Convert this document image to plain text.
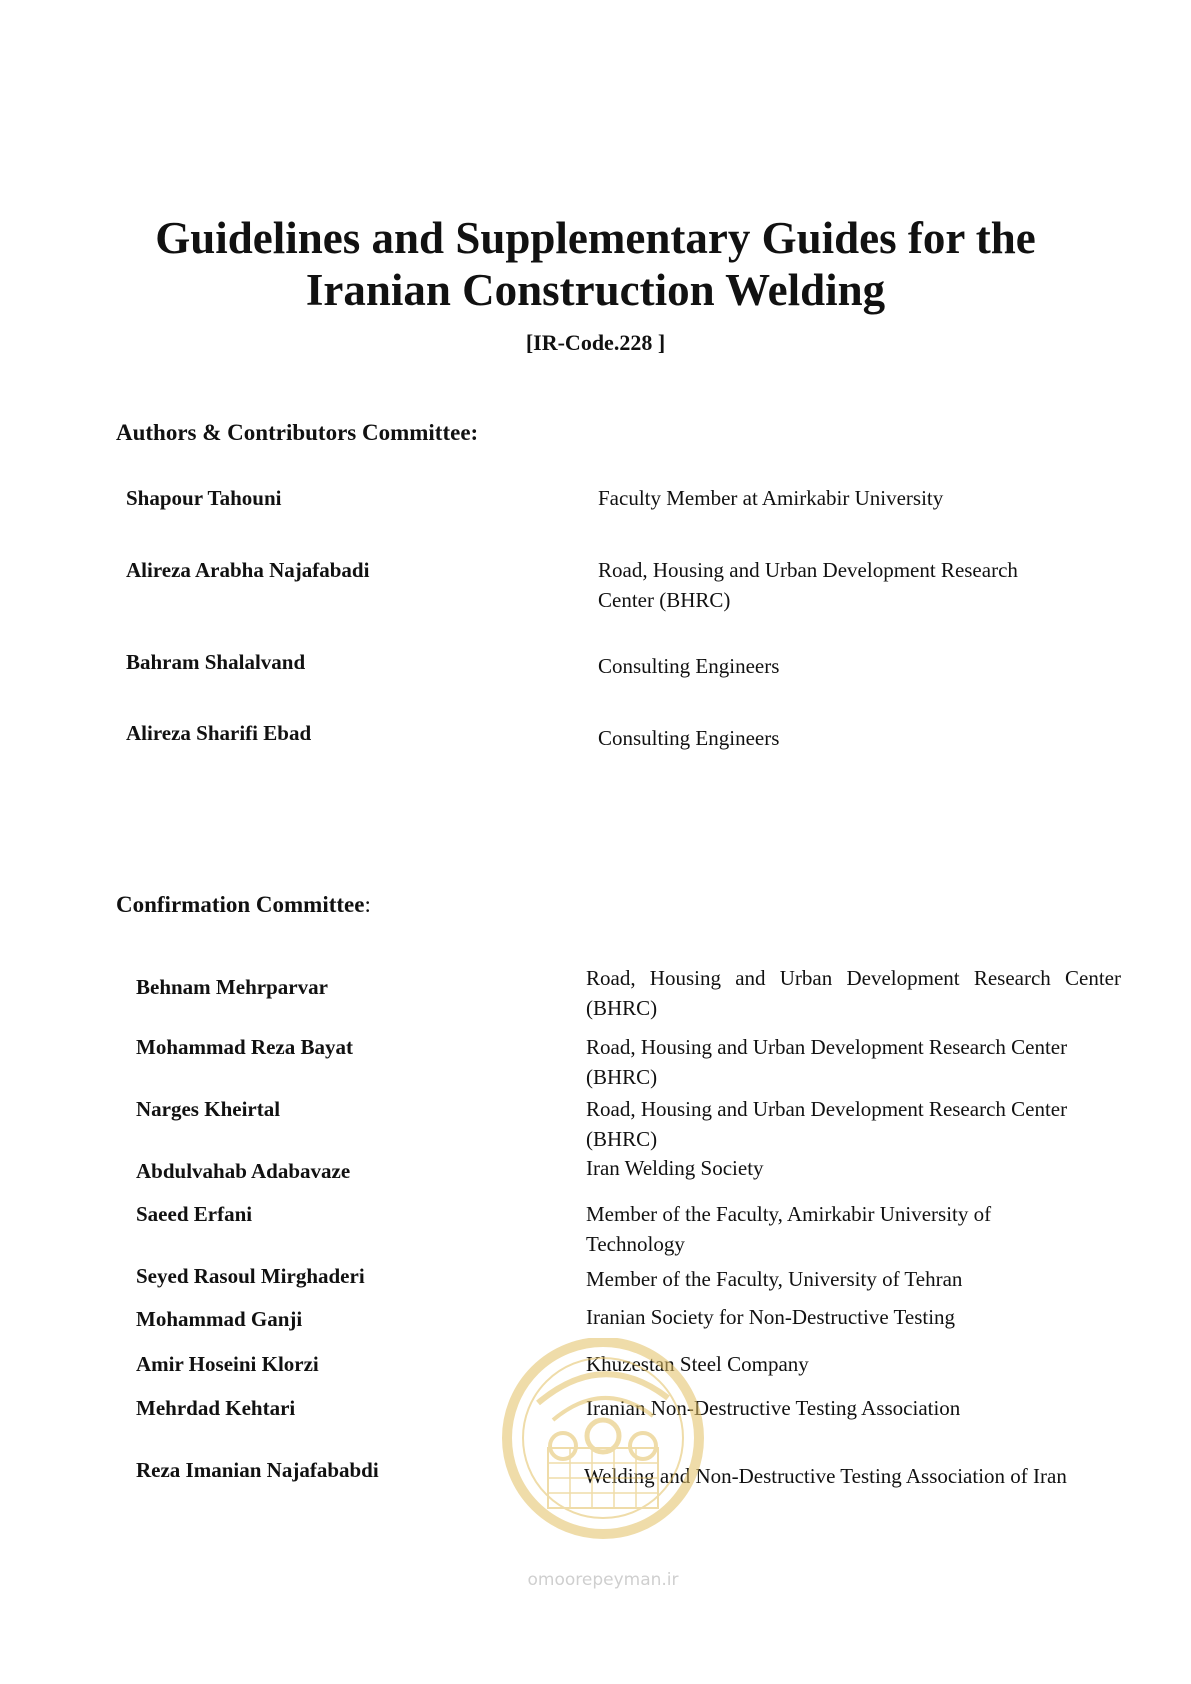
Guidelines and Supplementary Guides for the
Iranian Construction Welding

[IR-Code.228 ]

Authors & Contributors Committee:
Shapour Tahouni	Faculty Member at Amirkabir University
Alireza Arabha Najafabadi	Road, Housing and Urban Development Research Center (BHRC)
Bahram Shalalvand	Consulting Engineers
Alireza Sharifi Ebad	Consulting Engineers
Confirmation Committee:
Behnam Mehrparvar	Road, Housing and Urban Development Research Center (BHRC)
Mohammad Reza Bayat	Road, Housing and Urban Development Research Center (BHRC)
Narges Kheirtal	Road, Housing and Urban Development Research Center (BHRC)
Abdulvahab Adabavaze	Iran Welding Society
Saeed Erfani	Member of the Faculty, Amirkabir University of Technology
Seyed Rasoul Mirghaderi	Member of the Faculty, University of Tehran
Mohammad Ganji	Iranian Society for Non-Destructive Testing
Amir Hoseini Klorzi	Khuzestan Steel Company
Mehrdad Kehtari	Iranian Non-Destructive Testing Association
Reza Imanian Najafababdi	Welding and Non-Destructive Testing Association of Iran
omoorepeyman.ir
